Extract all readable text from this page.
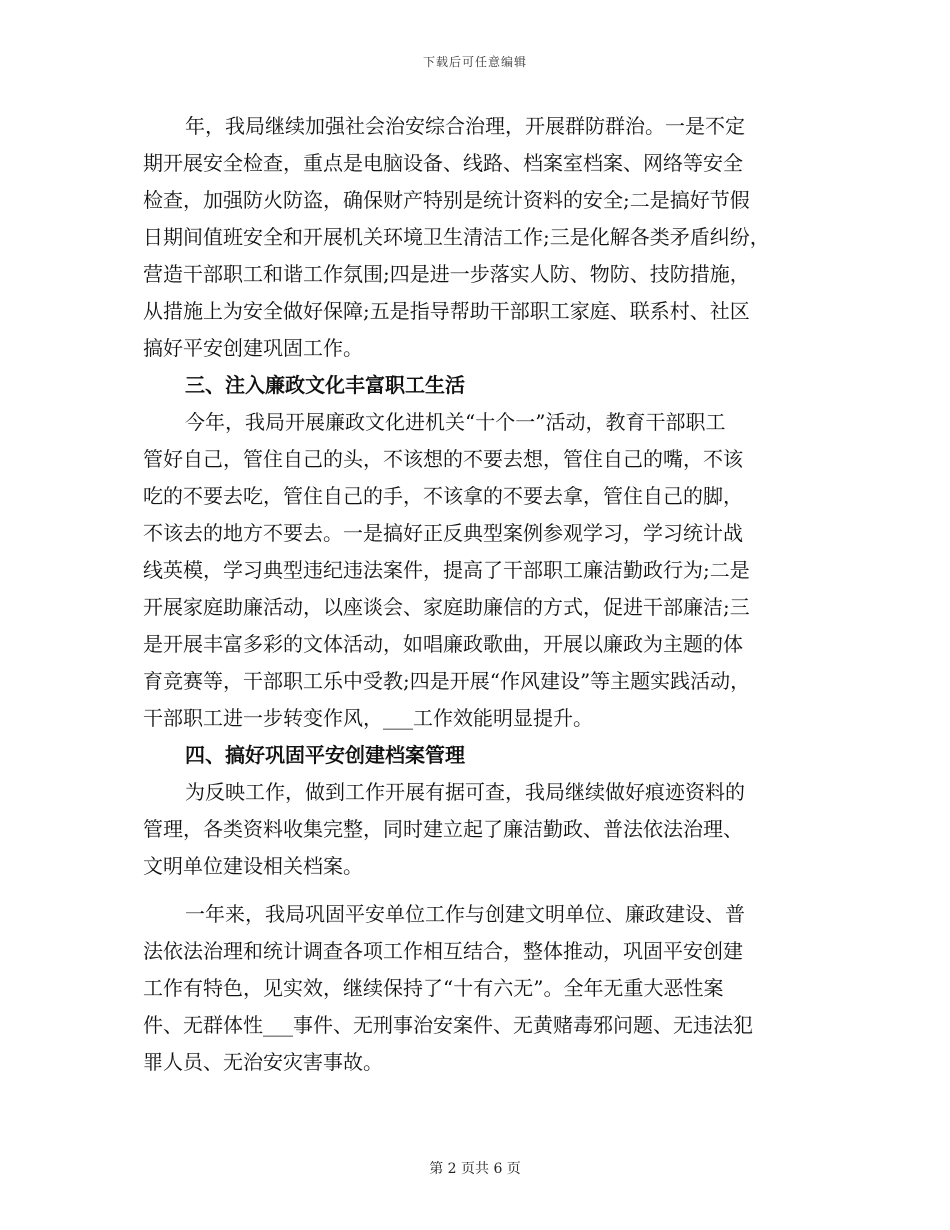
下载后可任意编辑
年，我局继续加强社会治安综合治理，开展群防群治。一是不定
期开展安全检查，重点是电脑设备、线路、档案室档案、网络等安全
检查，加强防火防盗，确保财产特别是统计资料的安全;二是搞好节假
日期间值班安全和开展机关环境卫生清洁工作;三是化解各类矛盾纠纷，
营造干部职工和谐工作氛围;四是进一步落实人防、物防、技防措施，
从措施上为安全做好保障;五是指导帮助干部职工家庭、联系村、社区
搞好平安创建巩固工作。
三、注入廉政文化丰富职工生活
今年，我局开展廉政文化进机关“十个一”活动，教育干部职工
管好自己，管住自己的头，不该想的不要去想，管住自己的嘴，不该
吃的不要去吃，管住自己的手，不该拿的不要去拿，管住自己的脚，
不该去的地方不要去。一是搞好正反典型案例参观学习，学习统计战
线英模，学习典型违纪违法案件，提高了干部职工廉洁勤政行为;二是
开展家庭助廉活动，以座谈会、家庭助廉信的方式，促进干部廉洁;三
是开展丰富多彩的文体活动，如唱廉政歌曲，开展以廉政为主题的体
育竞赛等，干部职工乐中受教;四是开展“作风建设”等主题实践活动，
干部职工进一步转变作风，___工作效能明显提升。
四、搞好巩固平安创建档案管理
为反映工作，做到工作开展有据可查，我局继续做好痕迹资料的
管理，各类资料收集完整，同时建立起了廉洁勤政、普法依法治理、
文明单位建设相关档案。
一年来，我局巩固平安单位工作与创建文明单位、廉政建设、普
法依法治理和统计调查各项工作相互结合，整体推动，巩固平安创建
工作有特色，见实效，继续保持了“十有六无”。全年无重大恶性案
件、无群体性___事件、无刑事治安案件、无黄赌毒邪问题、无违法犯
罪人员、无治安灾害事故。
第 2 页共 6 页
